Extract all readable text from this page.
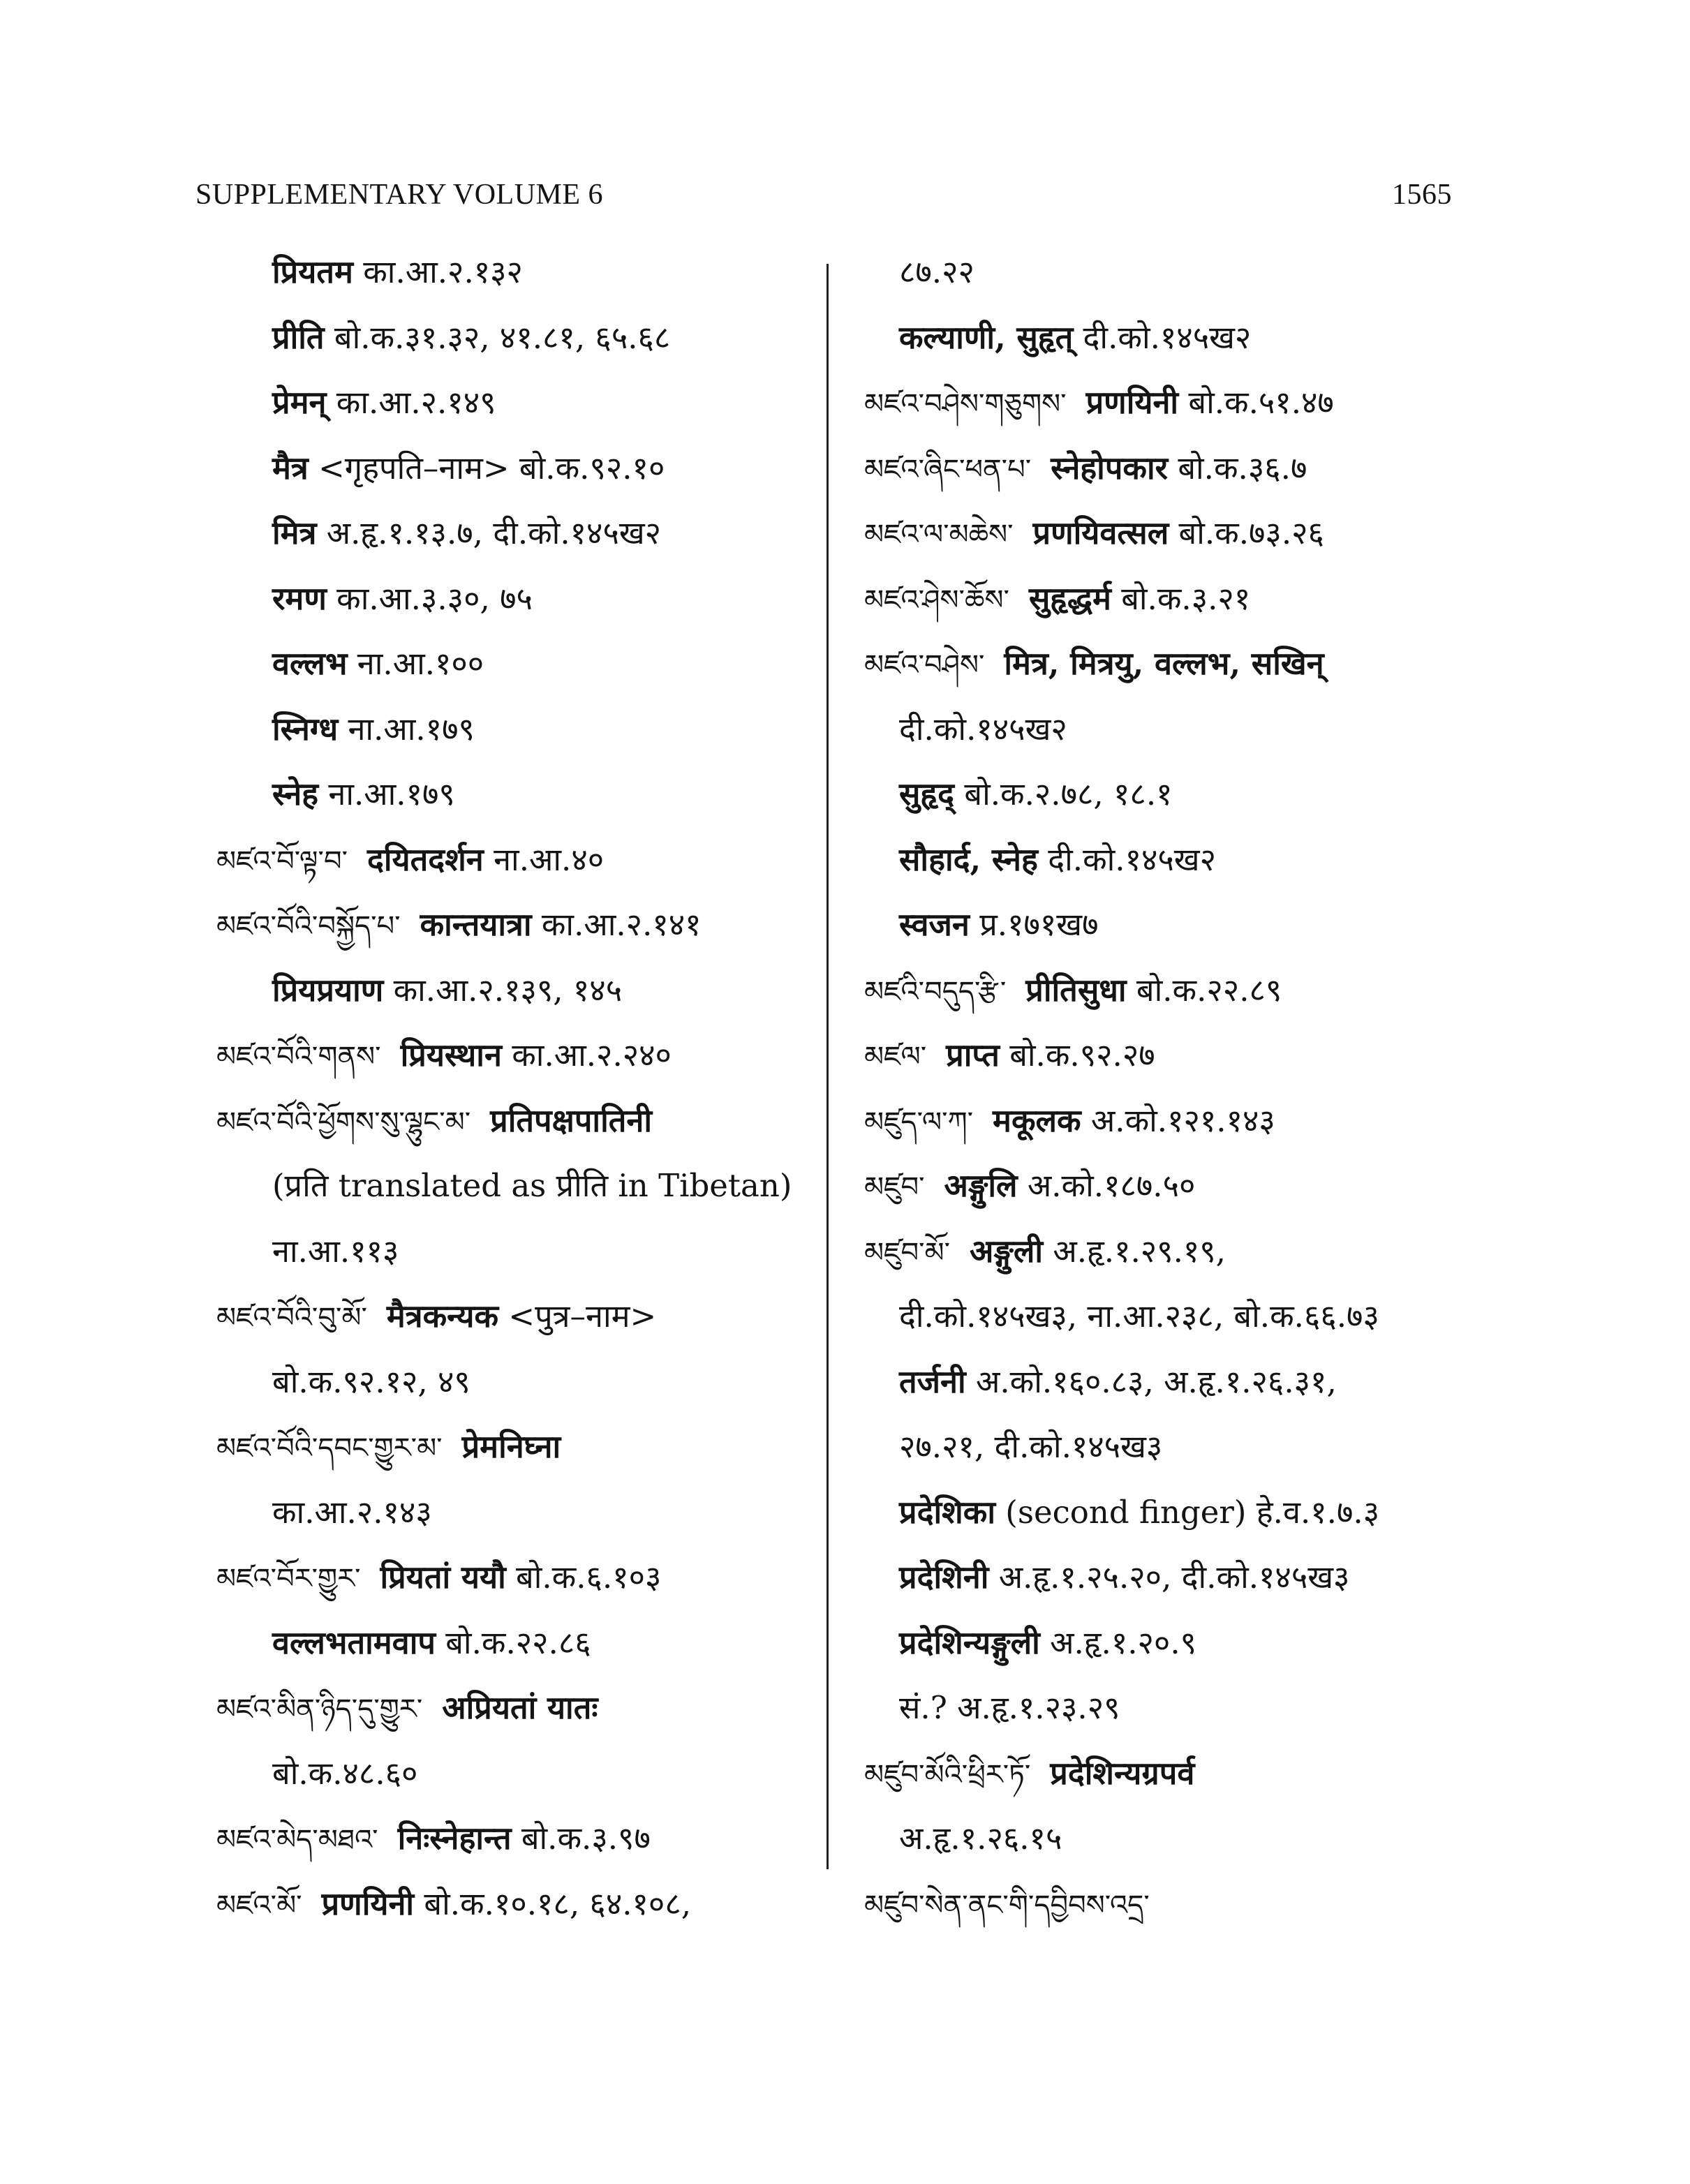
SUPPLEMENTARY VOLUME 6	1565
प्रियतम का.आ.२.१३२
प्रीति बो.क.३१.३२, ४१.८१, ६५.६८
प्रेमन् का.आ.२.१४९
मैत्र <गृहपति–नाम> बो.क.९२.१०
मित्र अ.हृ.१.१३.७, दी.को.१४५ख२
रमण का.आ.३.३०, ७५
वल्लभ ना.आ.१००
स्निग्ध ना.आ.१७९
स्नेह ना.आ.१७९
མཛའ་བོ་ལྟ་བ་ दयितदर्शन ना.आ.४०
མཛའ་བོའི་བསྐྱོད་པ་ कान्तयात्रा का.आ.२.१४१
प्रियप्रयाण का.आ.२.१३९, १४५
མཛའ་བོའི་གནས་ प्रियस्थान का.आ.२.२४०
མཛའ་བོའི་ཕྱོགས་སུ་ལྷུང་མ་ प्रतिपक्षपातिनी
(प्रति translated as प्रीति in Tibetan)
ना.आ.११३
མཛའ་བོའི་བུ་མོ་ मैत्रकन्यक <पुत्र–नाम>
बो.क.९२.१२, ४९
མཛའ་བོའི་དབང་གྱུར་མ་ प्रेमनिघ्ना
का.आ.२.१४३
མཛའ་བོར་གྱུར་ प्रियतां ययौ बो.क.६.१०३
वल्लभतामवाप बो.क.२२.८६
མཛའ་མིན་ཉིད་དུ་གྱུར་ अप्रियतां यातः
बो.क.४८.६०
མཛའ་མེད་མཐའ་ निःस्नेहान्त बो.क.३.९७
མཛའ་མོ་ प्रणयिनी बो.क.१०.१८, ६४.१०८,
८७.२२
कल्याणी, सुहृत् दी.को.१४५ख२
མཛའ་བཤེས་གཅུགས་ प्रणयिनी बो.क.५१.४७
མཛའ་ཞིང་ཕན་པ་ स्नेहोपकार बो.क.३६.७
མཛའ་ལ་མཆེས་ प्रणयिवत्सल बो.क.७३.२६
མཛའ་ཤེས་ཆོས་ सुहृद्धर्म बो.क.३.२१
མཛའ་བཤེས་ मित्र, मित्रयु, वल्लभ, सखिन्
दी.को.१४५ख२
सुहृद् बो.क.२.७८, १८.१
सौहार्द, स्नेह दी.को.१४५ख२
स्वजन प्र.१७१ख७
མཛའི་བདུད་རྩི་ प्रीतिसुधा बो.क.२२.८९
མཛལ་ प्राप्त बो.क.९२.२७
མཛུད་ལ་ཀ་ मकूलक अ.को.१२१.१४३
མཛུབ་ अङ्गुलि अ.को.१८७.५०
མཛུབ་མོ་ अङ्गुली अ.हृ.१.२९.१९,
दी.को.१४५ख३, ना.आ.२३८, बो.क.६६.७३
तर्जनी अ.को.१६०.८३, अ.हृ.१.२६.३१,
२७.२१, दी.को.१४५ख३
प्रदेशिका (second finger) हे.व.१.७.३
प्रदेशिनी अ.हृ.१.२५.२०, दी.को.१४५ख३
प्रदेशिन्यङ्गुली अ.हृ.१.२०.९
सं.? अ.हृ.१.२३.२९
མཛུབ་མོའི་ཕྲིར་ཏོ་ प्रदेशिन्यग्रपर्व
अ.हृ.१.२६.१५
མཛུབ་སེན་ནང་གི་དབྱིབས་འདྲ་
